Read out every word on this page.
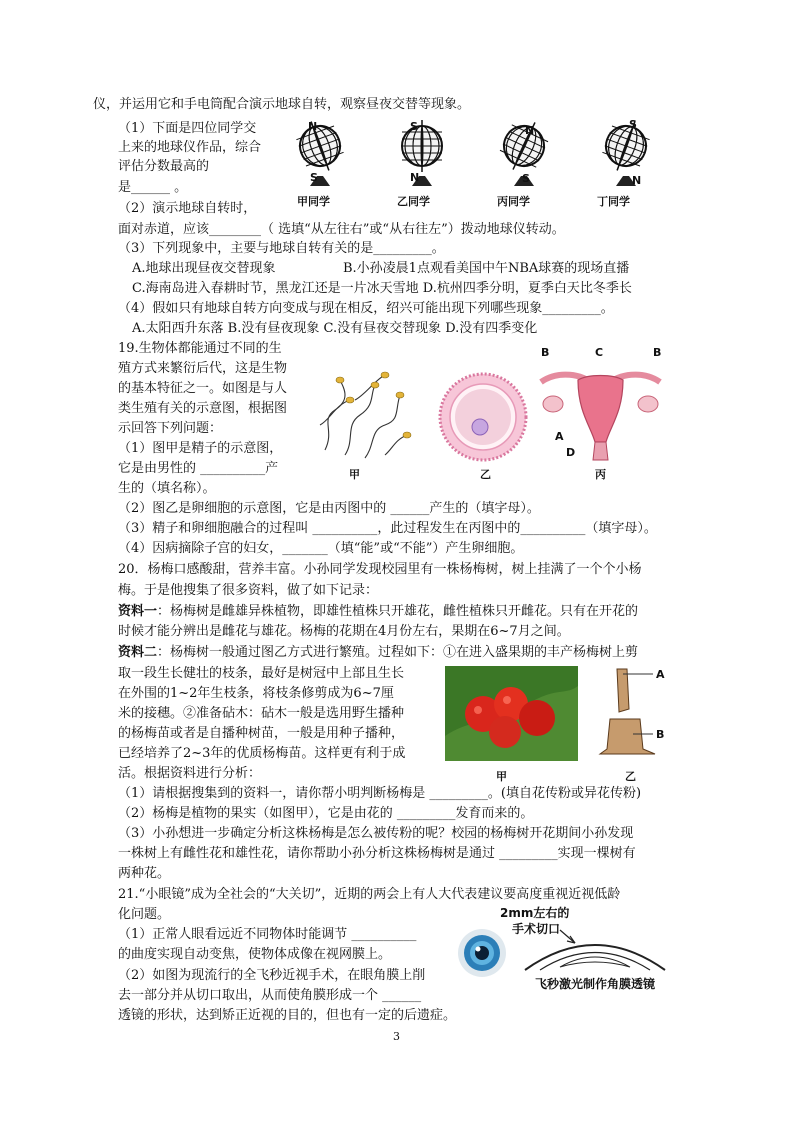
仪，并运用它和手电筒配合演示地球自转，观察昼夜交替等现象。
（1）下面是四位同学交
上来的地球仪作品，综合
评估分数最高的
是______ 。
（2）演示地球自转时，
面对赤道，应该________（ 选填“从左往右”或“从右往左”）拨动地球仪转动。
（3）下列现象中，主要与地球自转有关的是_________。
A.地球出现昼夜交替现象	B.小孙凌晨1点观看美国中午NBA球赛的现场直播
C.海南岛进入春耕时节，黑龙江还是一片冰天雪地 D.杭州四季分明，夏季白天比冬季长
（4）假如只有地球自转方向变成与现在相反，绍兴可能出现下列哪些现象_________。
A.太阳西升东落 B.没有昼夜现象 C.没有昼夜交替现象 D.没有四季变化
19.生物体都能通过不同的生
殖方式来繁衍后代，这是生物
的基本特征之一。如图是与人
类生殖有关的示意图，根据图
示回答下列问题：
（1）图甲是精子的示意图，
它是由男性的 __________产
生的（填名称）。
（2）图乙是卵细胞的示意图，它是由丙图中的 ______产生的（填字母）。
（3）精子和卵细胞融合的过程叫 __________，此过程发生在丙图中的__________（填字母）。
（4）因病摘除子宫的妇女，_______（填“能”或“不能”）产生卵细胞。
20．杨梅口感酸甜，营养丰富。小孙同学发现校园里有一株杨梅树，树上挂满了一个个小杨
梅。于是他搜集了很多资料，做了如下记录：
资料一：杨梅树是雌雄异株植物，即雄性植株只开雄花，雌性植株只开雌花。只有在开花的
时候才能分辨出是雌花与雄花。杨梅的花期在4月份左右，果期在6~7月之间。
资料二：杨梅树一般通过图乙方式进行繁殖。过程如下：①在进入盛果期的丰产杨梅树上剪
取一段生长健壮的枝条，最好是树冠中上部且生长
在外围的1~2年生枝条，将枝条修剪成为6~7厘
米的接穗。②准备砧木：砧木一般是选用野生播种
的杨梅苗或者是自播种树苗，一般是用种子播种，
已经培养了2~3年的优质杨梅苗。这样更有利于成
活。根据资料进行分析：
（1）请根据搜集到的资料一，请你帮小明判断杨梅是 _________。(填自花传粉或异花传粉)
（2）杨梅是植物的果实（如图甲），它是由花的 _________发育而来的。
（3）小孙想进一步确定分析这株杨梅是怎么被传粉的呢？校园的杨梅树开花期间小孙发现
一株树上有雌性花和雄性花，请你帮助小孙分析这株杨梅树是通过 _________实现一棵树有
两种花。
21.“小眼镜”成为全社会的“大关切”，近期的两会上有人大代表建议要高度重视近视低龄
化问题。
（1）正常人眼看远近不同物体时能调节 __________
的曲度实现自动变焦，使物体成像在视网膜上。
（2）如图为现流行的全飞秒近视手术，在眼角膜上削
去一部分并从切口取出，从而使角膜形成一个 ______
透镜的形状，达到矫正近视的目的，但也有一定的后遗症。
甲同学	乙同学	丙同学	丁同学
N
S
S
N
N
S
S
N
甲	乙	丙
B	C	B
A
D
A
B
甲	乙
2mm左右的
手术切口
飞秒激光制作角膜透镜
3
